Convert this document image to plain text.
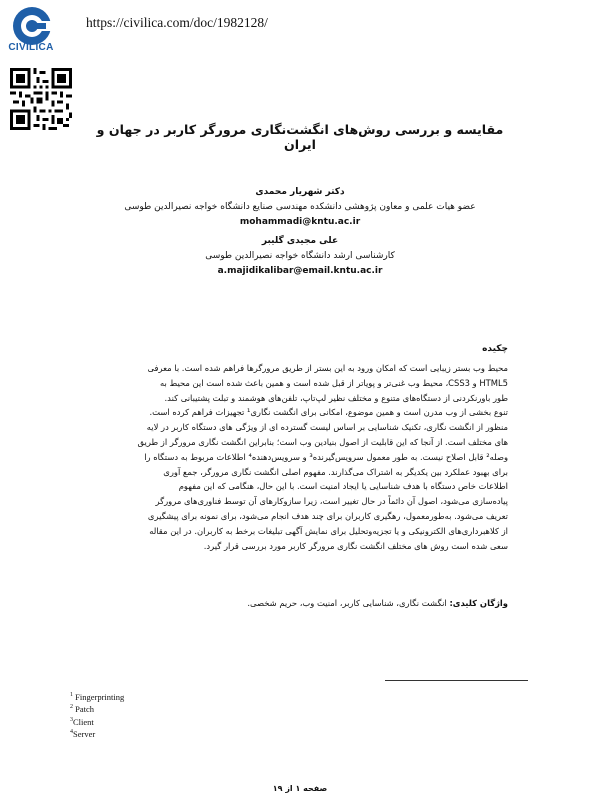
CIVILICA
https://civilica.com/doc/1982128/
مقایسه و بررسی روش‌های انگشت‌نگاری مرورگر کاربر در جهان و ایران
دکتر شهریار محمدی
عضو هیات علمی و معاون پژوهشی دانشکده مهندسی صنایع دانشگاه خواجه نصیرالدین طوسی
mohammadi@kntu.ac.ir
علی مجیدی گلیبر
کارشناسی ارشد دانشگاه خواجه نصیرالدین طوسی
a.majidikalibar@email.kntu.ac.ir
چکیده

محیط وب بستر زیبایی است که امکان ورود به این بستر از طریق مرورگرها فراهم شده است. با معرفی
HTML5 و CSS3، محیط وب غنی‌تر و پویاتر از قبل شده است و همین باعث شده است این محیط به
طور باورنکردنی از دستگاه‌های متنوع و مختلف نظیر لپ‌تاپ، تلفن‌های هوشمند و تبلت پشتیبانی کند.
تنوع بخشی از وب مدرن است و همین موضوع، امکانی برای انگشت نگاری¹ تجهیزات فراهم کرده است.
منظور از انگشت نگاری، تکنیک شناسایی بر اساس لیست گسترده ای از ویژگی های دستگاه کاربر در لایه
های مختلف است. از آنجا که این قابلیت از اصول بنیادین وب است؛ بنابراین انگشت نگاری مرورگر از طریق
وصله² قابل اصلاح نیست. به طور معمول سرویس‌گیرنده³ و سرویس‌دهنده⁴ اطلاعات مربوط به دستگاه را
برای بهبود عملکرد بین یکدیگر به اشتراک می‌گذارند. مفهوم اصلی انگشت نگاری مرورگر، جمع آوری
اطلاعات خاص دستگاه با هدف شناسایی یا ایجاد امنیت است. با این حال، هنگامی که این مفهوم
پیاده‌سازی می‌شود، اصول آن دائماً در حال تغییر است، زیرا سازوکارهای آن توسط فناوری‌های مرورگر
تعریف می‌شود. به‌طورمعمول، رهگیری کاربران برای چند هدف انجام می‌شود، برای نمونه برای پیشگیری
از کلاهبرداری‌های الکترونیکی و یا تجزیه‌وتحلیل برای نمایش آگهی تبلیغات برخط به کاربران. در این مقاله
سعی شده است روش های مختلف انگشت نگاری مرورگر کاربر مورد بررسی قرار گیرد.

واژگان کلیدی: انگشت نگاری، شناسایی کاربر، امنیت وب، حریم شخصی.
$^1$ Fingerprinting
$^2$ Patch
$^3$Client
$^4$Server
صفحه ۱ از ۱۹
